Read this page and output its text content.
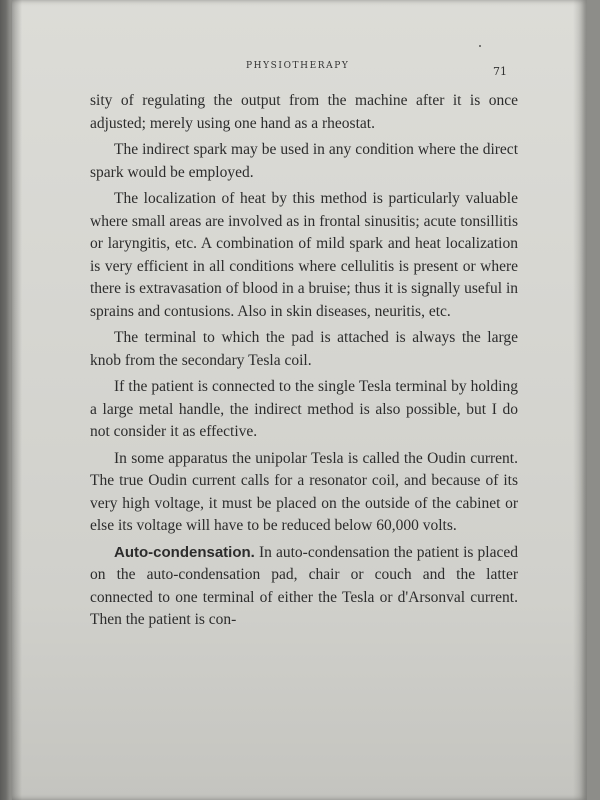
PHYSIOTHERAPY	71

sity of regulating the output from the machine after it is once adjusted; merely using one hand as a rheostat.

The indirect spark may be used in any condition where the direct spark would be employed.

The localization of heat by this method is particularly valuable where small areas are involved as in frontal sinusitis; acute tonsillitis or laryngitis, etc. A combination of mild spark and heat localization is very efficient in all conditions where cellulitis is present or where there is extravasation of blood in a bruise; thus it is signally useful in sprains and contusions. Also in skin diseases, neuritis, etc.

The terminal to which the pad is attached is always the large knob from the secondary Tesla coil.

If the patient is connected to the single Tesla terminal by holding a large metal handle, the indirect method is also possible, but I do not consider it as effective.

In some apparatus the unipolar Tesla is called the Oudin current. The true Oudin current calls for a resonator coil, and because of its very high voltage, it must be placed on the outside of the cabinet or else its voltage will have to be reduced below 60,000 volts.

Auto-condensation. In auto-condensation the patient is placed on the auto-condensation pad, chair or couch and the latter connected to one terminal of either the Tesla or d'Arsonval current. Then the patient is con-
